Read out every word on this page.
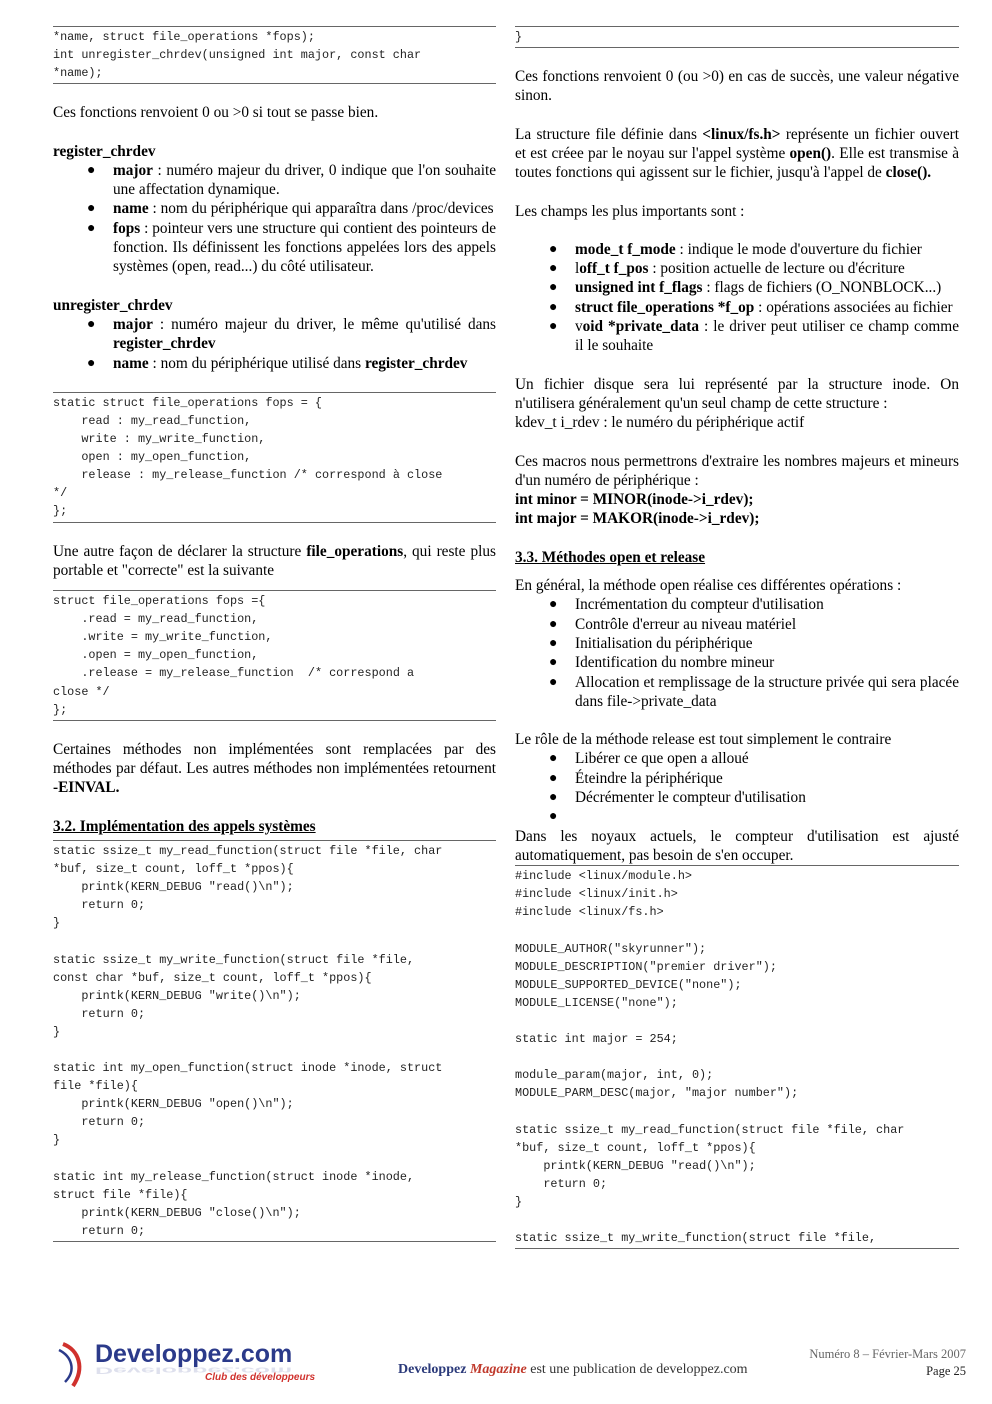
*name, struct file_operations *fops);
int unregister_chrdev(unsigned int major, const char
*name);

Ces fonctions renvoient 0 ou >0 si tout se passe bien.

register_chrdev

● major : numéro majeur du driver, 0 indique que l'on souhaite une affectation dynamique.
● name : nom du périphérique qui apparaîtra dans /proc/devices
● fops : pointeur vers une structure qui contient des pointeurs de fonction. Ils définissent les fonctions appelées lors des appels systèmes (open, read...) du côté utilisateur.

unregister_chrdev

● major : numéro majeur du driver, le même qu'utilisé dans register_chrdev
● name : nom du périphérique utilisé dans register_chrdev
static struct file_operations fops = {
read : my_read_function,
write : my_write_function,
open : my_open_function,
release : my_release_function /* correspond à close
*/
};

Une autre façon de déclarer la structure file_operations, qui reste plus portable et "correcte" est la suivante

struct file_operations fops ={
.read = my_read_function,
.write = my_write_function,
.open = my_open_function,
.release = my_release_function  /* correspond a
close */
};

Certaines méthodes non implémentées sont remplacées par des méthodes par défaut. Les autres méthodes non implémentées retournent -EINVAL.

3.2. Implémentation des appels systèmes
static ssize_t my_read_function(struct file *file, char
*buf, size_t count, loff_t *ppos){
printk(KERN_DEBUG "read()\n");
return 0;
}

static ssize_t my_write_function(struct file *file,
const char *buf, size_t count, loff_t *ppos){
printk(KERN_DEBUG "write()\n");
return 0;
}

static int my_open_function(struct inode *inode, struct
file *file){
printk(KERN_DEBUG "open()\n");
return 0;
}

static int my_release_function(struct inode *inode,
struct file *file){
printk(KERN_DEBUG "close()\n");
return 0;
}

Ces fonctions renvoient 0 (ou >0) en cas de succès, une valeur négative sinon.

La structure file définie dans <linux/fs.h> représente un fichier ouvert et est créee par le noyau sur l'appel système open(). Elle est transmise à toutes fonctions qui agissent sur le fichier, jusqu'à l'appel de close().

Les champs les plus importants sont :

● mode_t f_mode : indique le mode d'ouverture du fichier
● loff_t f_pos : position actuelle de lecture ou d'écriture
● unsigned int f_flags : flags de fichiers (O_NONBLOCK...)
● struct file_operations *f_op : opérations associées au fichier
● void *private_data : le driver peut utiliser ce champ comme il le souhaite

Un fichier disque sera lui représenté par la structure inode. On n'utilisera généralement qu'un seul champ de cette structure :

kdev_t i_rdev : le numéro du périphérique actif

Ces macros nous permettrons d'extraire les nombres majeurs et mineurs d'un numéro de périphérique :

int minor = MINOR(inode->i_rdev);

int major = MAKOR(inode->i_rdev);

3.3. Méthodes open et release

En général, la méthode open réalise ces différentes opérations :

● Incrémentation du compteur d'utilisation
● Contrôle d'erreur au niveau matériel
● Initialisation du périphérique
● Identification du nombre mineur
● Allocation et remplissage de la structure privée qui sera placée dans file->private_data

Le rôle de la méthode release est tout simplement le contraire

● Libérer ce que open a alloué
● Éteindre la périphérique
● Décrémenter le compteur d'utilisation
●

Dans les noyaux actuels, le compteur d'utilisation est ajusté automatiquement, pas besoin de s'en occuper.

#include <linux/module.h>
#include <linux/init.h>
#include <linux/fs.h>

MODULE_AUTHOR("skyrunner");
MODULE_DESCRIPTION("premier driver");
MODULE_SUPPORTED_DEVICE("none");
MODULE_LICENSE("none");

static int major = 254;

module_param(major, int, 0);
MODULE_PARM_DESC(major, "major number");

static ssize_t my_read_function(struct file *file, char
*buf, size_t count, loff_t *ppos){
printk(KERN_DEBUG "read()\n");
return 0;
}

static ssize_t my_write_function(struct file *file,
Developpez.com
Developpez.com
Club des développeurs
Developpez Magazine est une publication de developpez.com
Numéro 8 – Février-Mars 2007
Page 25
